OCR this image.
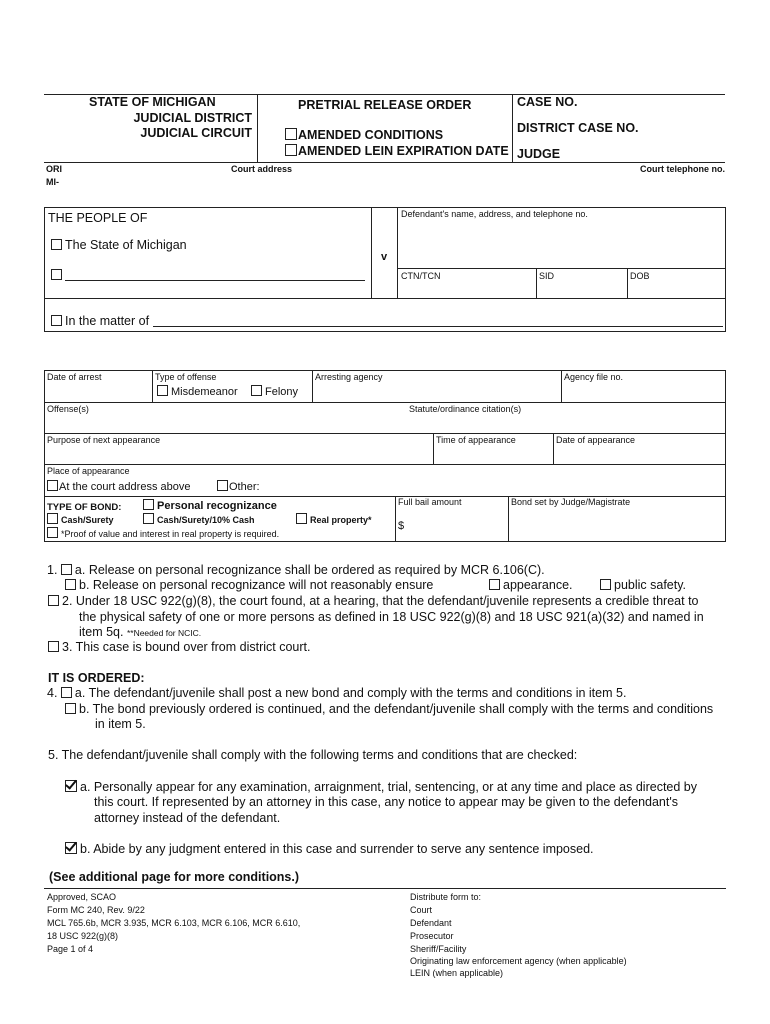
STATE OF MICHIGAN
JUDICIAL DISTRICT
JUDICIAL CIRCUIT
PRETRIAL RELEASE ORDER
AMENDED CONDITIONS
AMENDED LEIN EXPIRATION DATE
CASE NO.
DISTRICT CASE NO.
JUDGE
ORI
MI-
Court address	Court telephone no.
THE PEOPLE OF
The State of Michigan
v
Defendant's name, address, and telephone no.
CTN/TCN	SID	DOB
In the matter of
Date of arrest	Type of offense
Misdemeanor	Felony
Arresting agency	Agency file no.
Offense(s)	Statute/ordinance citation(s)
Purpose of next appearance	Time of appearance	Date of appearance
Place of appearance
At the court address above	Other:
TYPE OF BOND:	Personal recognizance
Cash/Surety	Cash/Surety/10% Cash	Real property*
*Proof of value and interest in real property is required.
Full bail amount
$
Bond set by Judge/Magistrate
1. a. Release on personal recognizance shall be ordered as required by MCR 6.106(C).
b. Release on personal recognizance will not reasonably ensure	appearance.	public safety.
2. Under 18 USC 922(g)(8), the court found, at a hearing, that the defendant/juvenile represents a credible threat to
the physical safety of one or more persons as defined in 18 USC 922(g)(8) and 18 USC 921(a)(32) and named in
item 5q. **Needed for NCIC.
3. This case is bound over from district court.
IT IS ORDERED:
4. a. The defendant/juvenile shall post a new bond and comply with the terms and conditions in item 5.
b. The bond previously ordered is continued, and the defendant/juvenile shall comply with the terms and conditions
in item 5.
5. The defendant/juvenile shall comply with the following terms and conditions that are checked:
a. Personally appear for any examination, arraignment, trial, sentencing, or at any time and place as directed by
this court. If represented by an attorney in this case, any notice to appear may be given to the defendant's
attorney instead of the defendant.
b. Abide by any judgment entered in this case and surrender to serve any sentence imposed.
(See additional page for more conditions.)
Approved, SCAO
Form MC 240, Rev. 9/22
MCL 765.6b, MCR 3.935, MCR 6.103, MCR 6.106, MCR 6.610,
18 USC 922(g)(8)
Page 1 of 4
Distribute form to:
Court
Defendant
Prosecutor
Sheriff/Facility
Originating law enforcement agency (when applicable)
LEIN (when applicable)
